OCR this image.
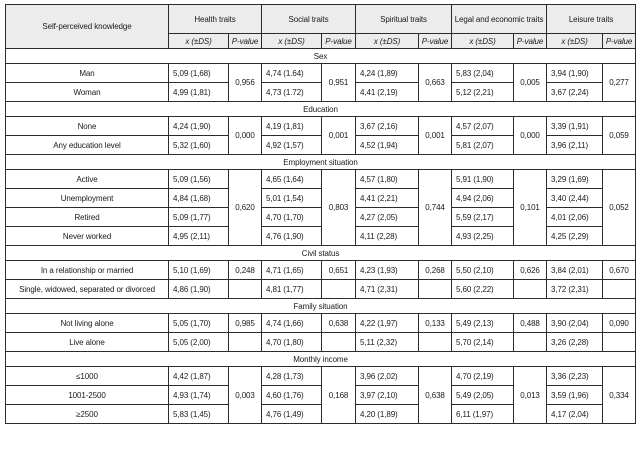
Self-perceived knowledge	Health traits		Social traits		Spiritual traits		Legal and economic traits		Leisure traits	
	x (±DS)	P-value	x (±DS)	P-value	x (±DS)	P-value	x (±DS)	P-value	x (±DS)	P-value
Sex										
Man	5,09 (1,68)	0,956	4,74 (1.64)	0,951	4,24 (1,89)	0,663	5,83 (2,04)	0,005	3,94 (1,90)	0,277
Woman	4,99 (1,81)		4,73 (1.72)		4,41 (2,19)		5,12 (2,21)		3,67 (2,24)	
Education										
None	4,24 (1,90)	0,000	4,19 (1,81)	0,001	3,67 (2,16)	0,001	4,57 (2,07)	0,000	3,39 (1,91)	0,059
Any education level	5,32 (1,60)		4,92 (1,57)		4,52 (1,94)		5,81 (2,07)		3,96 (2,11)	
Employment situation										
Active	5,09 (1,56)	0,620	4,65 (1,64)	0,803	4,57 (1,80)	0,744	5,91 (1,90)	0,101	3,29 (1,69)	0,052
Unemployment	4,84 (1,68)		5,01 (1,54)		4,41 (2,21)		4,94 (2,06)		3,40 (2,44)	
Retired	5,09 (1,77)		4,70 (1,70)		4,27 (2,05)		5,59 (2,17)		4,01 (2,06)	
Never worked	4,95 (2,11)		4,76 (1,90)		4,11 (2,28)		4,93 (2,25)		4,25 (2,29)	
Civil status										
In a relationship or married	5,10 (1,69)	0,248	4,71 (1,65)	0,651	4,23 (1,93)	0,268	5,50 (2,10)	0,626	3,84 (2,01)	0,670
Single, widowed, separated or divorced	4,86 (1,90)		4,81 (1,77)		4,71 (2,31)		5,60 (2,22)		3,72 (2,31)	
Family situation										
Not living alone	5,05 (1,70)	0,985	4,74 (1,66)	0,638	4,22 (1,97)	0,133	5,49 (2,13)	0,488	3,90 (2,04)	0,090
Live alone	5,05 (2,00)		4,70 (1,80)		5,11 (2,32)		5,70 (2,14)		3,26 (2,28)	
Monthly income										
≤1000	4,42 (1,87)	0,003	4,28 (1,73)	0,168	3,96 (2,02)	0,638	4,70 (2,19)	0,013	3,36 (2,23)	0,334
1001-2500	4,93 (1,74)		4,60 (1,76)		3,97 (2,10)		5,49 (2,05)		3,59 (1,96)	
≥2500	5,83 (1,45)		4,76 (1,49)		4,20 (1,89)		6,11 (1,97)		4,17 (2,04)	
